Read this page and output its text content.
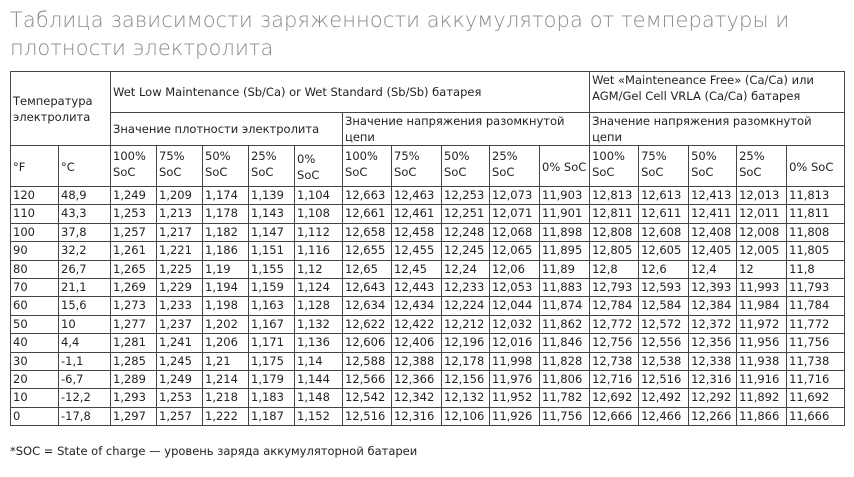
Таблица зависимости заряженности аккумулятора от температуры и плотности электролита
Температура электролита		Wet Low Maintenance (Sb/Ca) or Wet Standard (Sb/Sb) батарея										Wet «Mainteneance Free» (Ca/Ca) или AGM/Gel Cell VRLA (Ca/Ca) батарея				
		Значение плотности электролита					Значение напряжения разомкнутой цепи					Значение напряжения разомкнутой цепи				
°F	°C	100% SoC	75% SoC	50% SoC	25% SoC	0% SoC	100% SoC	75% SoC	50% SoC	25% SoC	0% SoC	100% SoC	75% SoC	50% SoC	25% SoC	0% SoC
120	48,9	1,249	1,209	1,174	1,139	1,104	12,663	12,463	12,253	12,073	11,903	12,813	12,613	12,413	12,013	11,813
110	43,3	1,253	1,213	1,178	1,143	1,108	12,661	12,461	12,251	12,071	11,901	12,811	12,611	12,411	12,011	11,811
100	37,8	1,257	1,217	1,182	1,147	1,112	12,658	12,458	12,248	12,068	11,898	12,808	12,608	12,408	12,008	11,808
90	32,2	1,261	1,221	1,186	1,151	1,116	12,655	12,455	12,245	12,065	11,895	12,805	12,605	12,405	12,005	11,805
80	26,7	1,265	1,225	1,19	1,155	1,12	12,65	12,45	12,24	12,06	11,89	12,8	12,6	12,4	12	11,8
70	21,1	1,269	1,229	1,194	1,159	1,124	12,643	12,443	12,233	12,053	11,883	12,793	12,593	12,393	11,993	11,793
60	15,6	1,273	1,233	1,198	1,163	1,128	12,634	12,434	12,224	12,044	11,874	12,784	12,584	12,384	11,984	11,784
50	10	1,277	1,237	1,202	1,167	1,132	12,622	12,422	12,212	12,032	11,862	12,772	12,572	12,372	11,972	11,772
40	4,4	1,281	1,241	1,206	1,171	1,136	12,606	12,406	12,196	12,016	11,846	12,756	12,556	12,356	11,956	11,756
30	-1,1	1,285	1,245	1,21	1,175	1,14	12,588	12,388	12,178	11,998	11,828	12,738	12,538	12,338	11,938	11,738
20	-6,7	1,289	1,249	1,214	1,179	1,144	12,566	12,366	12,156	11,976	11,806	12,716	12,516	12,316	11,916	11,716
10	-12,2	1,293	1,253	1,218	1,183	1,148	12,542	12,342	12,132	11,952	11,782	12,692	12,492	12,292	11,892	11,692
0	-17,8	1,297	1,257	1,222	1,187	1,152	12,516	12,316	12,106	11,926	11,756	12,666	12,466	12,266	11,866	11,666
*SOC = State of charge — уровень заряда аккумуляторной батареи
